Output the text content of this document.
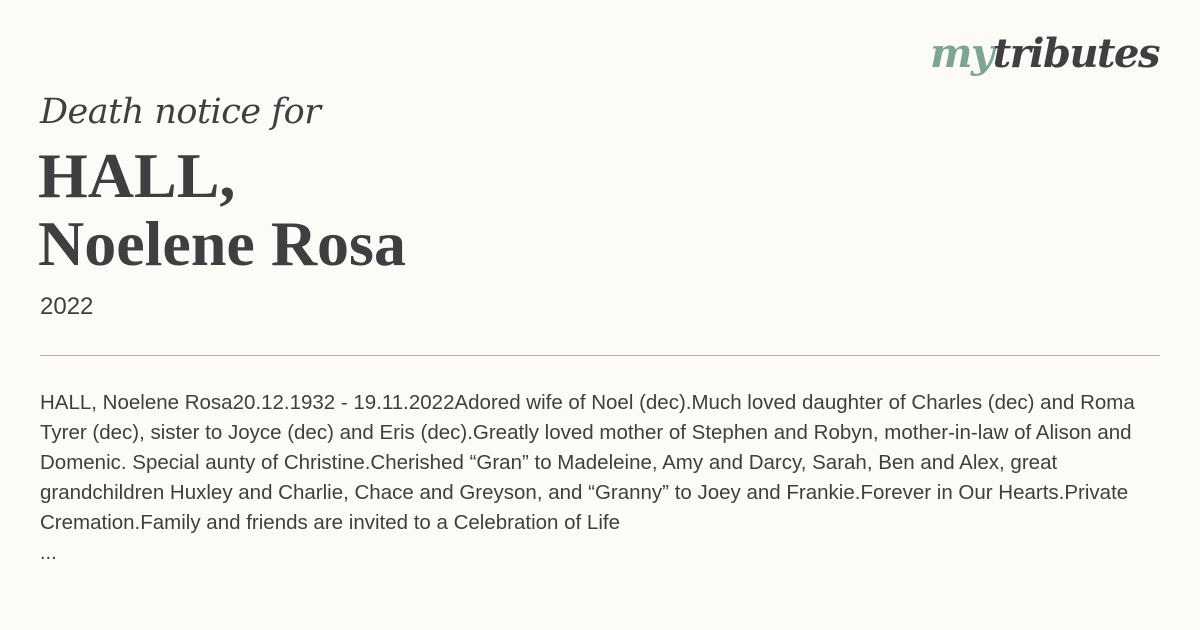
mytributes
Death notice for
HALL,
Noelene Rosa
2022
HALL, Noelene Rosa20.12.1932 - 19.11.2022Adored wife of Noel (dec).Much loved daughter of Charles (dec) and Roma Tyrer (dec), sister to Joyce (dec) and Eris (dec).Greatly loved mother of Stephen and Robyn, mother-in-law of Alison and Domenic. Special aunty of Christine.Cherished “Gran” to Madeleine, Amy and Darcy, Sarah, Ben and Alex, great grandchildren Huxley and Charlie, Chace and Greyson, and “Granny” to Joey and Frankie.Forever in Our Hearts.Private Cremation.Family and friends are invited to a Celebration of Life
...
